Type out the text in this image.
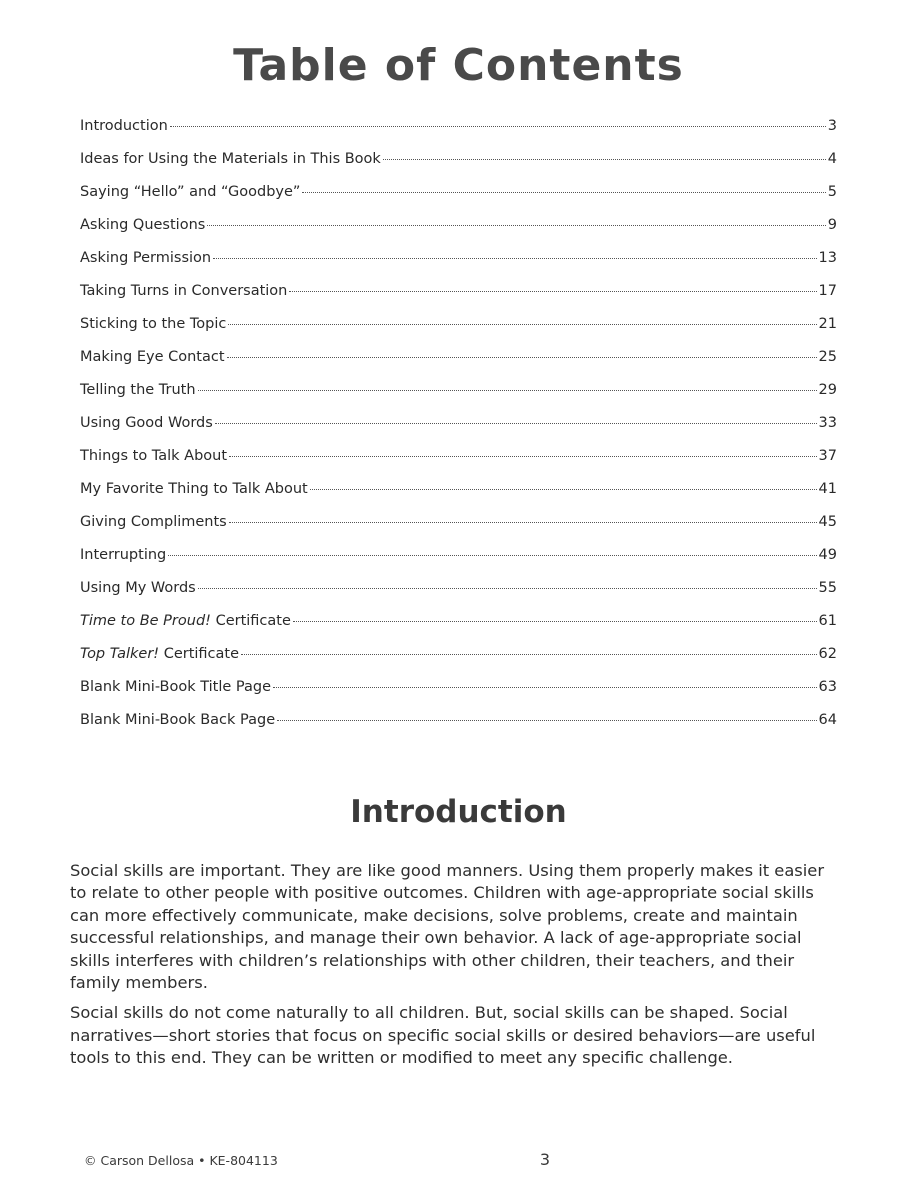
Table of Contents
Introduction	3
Ideas for Using the Materials in This Book	4
Saying “Hello” and “Goodbye”	5
Asking Questions	9
Asking Permission	13
Taking Turns in Conversation	17
Sticking to the Topic	21
Making Eye Contact	25
Telling the Truth	29
Using Good Words	33
Things to Talk About	37
My Favorite Thing to Talk About	41
Giving Compliments	45
Interrupting	49
Using My Words	55
Time to Be Proud! Certificate	61
Top Talker! Certificate	62
Blank Mini-Book Title Page	63
Blank Mini-Book Back Page	64
Introduction

Social skills are important. They are like good manners. Using them properly makes it easier to relate to other people with positive outcomes. Children with age-appropriate social skills can more effectively communicate, make decisions, solve problems, create and maintain successful relationships, and manage their own behavior. A lack of age-appropriate social skills interferes with children’s relationships with other children, their teachers, and their family members.

Social skills do not come naturally to all children. But, social skills can be shaped. Social narratives—short stories that focus on specific social skills or desired behaviors—are useful tools to this end. They can be written or modified to meet any specific challenge.

© Carson Dellosa • KE-804113	3
